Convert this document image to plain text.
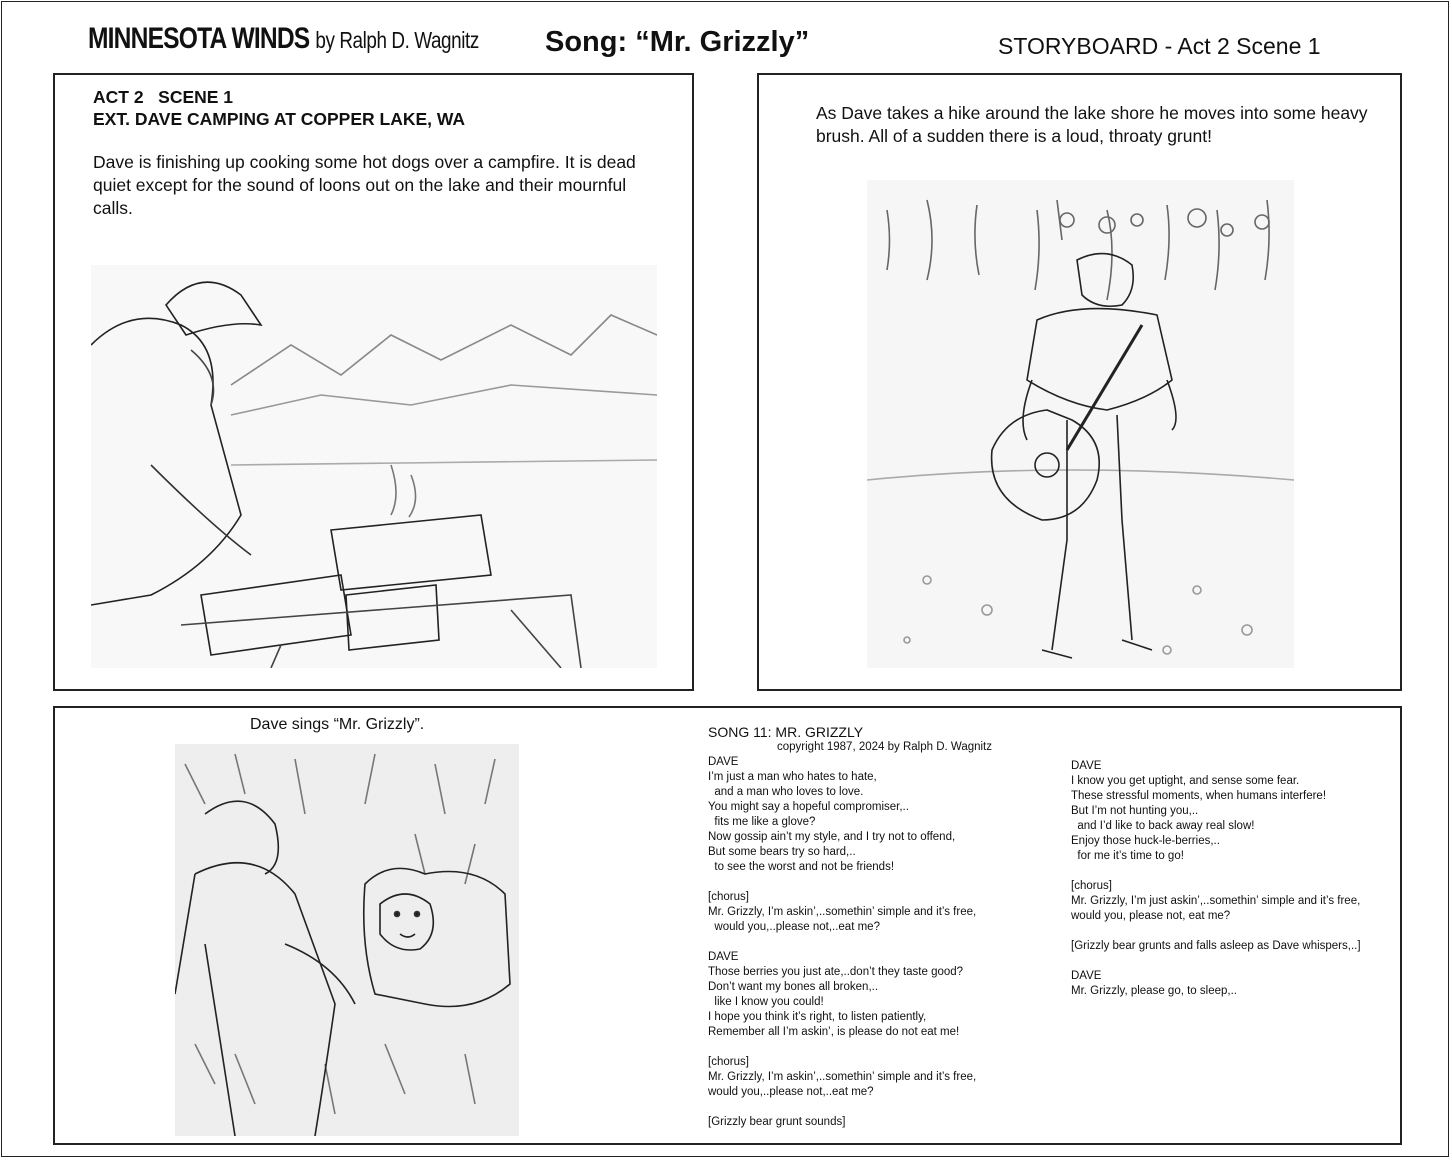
MINNESOTA WINDS by Ralph D. Wagnitz Song: “Mr. Grizzly”	STORYBOARD - Act 2 Scene 1
ACT 2   SCENE 1
EXT. DAVE CAMPING AT COPPER LAKE, WA
Dave is finishing up cooking some hot dogs over a campfire. It is dead quiet except for the sound of loons out on the lake and their mournful calls.
As Dave takes a hike around the lake shore he moves into some heavy brush. All of a sudden there is a loud, throaty grunt!
Dave sings “Mr. Grizzly”.	SONG 11: MR. GRIZZLY
copyright 1987, 2024 by Ralph D. Wagnitz
DAVE
I’m just a man who hates to hate,
and a man who loves to love.
You might say a hopeful compromiser,..
fits me like a glove?
Now gossip ain’t my style, and I try not to offend,
But some bears try so hard,..
to see the worst and not be friends!

[chorus]
Mr. Grizzly, I’m askin’,..somethin’ simple and it’s free,
would you,..please not,..eat me?

DAVE
Those berries you just ate,..don’t they taste good?
Don’t want my bones all broken,..
like I know you could!
I hope you think it’s right, to listen patiently,
Remember all I’m askin’, is please do not eat me!

[chorus]
Mr. Grizzly, I’m askin’,..somethin’ simple and it’s free,
would you,..please not,..eat me?

[Grizzly bear grunt sounds]
DAVE
I know you get uptight, and sense some fear.
These stressful moments, when humans interfere!
But I’m not hunting you,..
and I’d like to back away real slow!
Enjoy those huck-le-berries,..
for me it’s time to go!

[chorus]
Mr. Grizzly, I’m just askin’,..somethin’ simple and it’s free,
would you, please not, eat me?

[Grizzly bear grunts and falls asleep as Dave whispers,..]

DAVE
Mr. Grizzly, please go, to sleep,..
